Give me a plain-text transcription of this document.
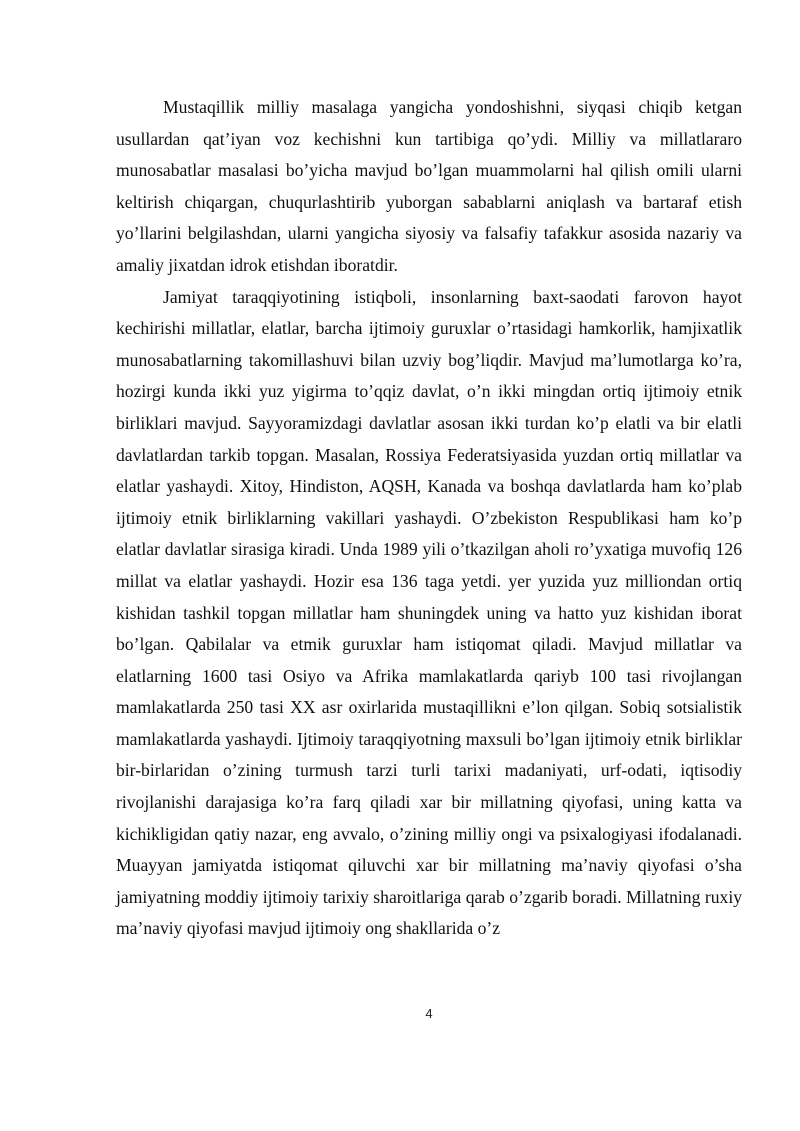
Mustaqillik milliy masalaga yangicha yondoshishni, siyqasi chiqib ketgan usullardan qat’iyan voz kechishni kun tartibiga qo’ydi. Milliy va millatlararo munosabatlar masalasi bo’yicha mavjud bo’lgan muammolarni hal qilish omili ularni keltirish chiqargan, chuqurlashtirib yuborgan sabablarni aniqlash va bartaraf etish yo’llarini belgilashdan, ularni yangicha siyosiy va falsafiy tafakkur asosida nazariy va amaliy jixatdan idrok etishdan iboratdir.

Jamiyat taraqqiyotining istiqboli, insonlarning baxt-saodati farovon hayot kechirishi millatlar, elatlar, barcha ijtimoiy guruxlar o’rtasidagi hamkorlik, hamjixatlik munosabatlarning takomillashuvi bilan uzviy bog’liqdir. Mavjud ma’lumotlarga ko’ra, hozirgi kunda ikki yuz yigirma to’qqiz davlat, o’n ikki mingdan ortiq ijtimoiy etnik birliklari mavjud. Sayyoramizdagi davlatlar asosan ikki turdan ko’p elatli va bir elatli davlatlardan tarkib topgan. Masalan, Rossiya Federatsiyasida yuzdan ortiq millatlar va elatlar yashaydi. Xitoy, Hindiston, AQSH, Kanada va boshqa davlatlarda ham ko’plab ijtimoiy etnik birliklarning vakillari yashaydi. O’zbekiston Respublikasi ham ko’p elatlar davlatlar sirasiga kiradi. Unda 1989 yili o’tkazilgan aholi ro’yxatiga muvofiq 126 millat va elatlar yashaydi. Hozir esa 136 taga yetdi. yer yuzida yuz milliondan ortiq kishidan tashkil topgan millatlar ham shuningdek uning va hatto yuz kishidan iborat bo’lgan. Qabilalar va etmik guruxlar ham istiqomat qiladi. Mavjud millatlar va elatlarning 1600 tasi Osiyo va Afrika mamlakatlarda qariyb 100 tasi rivojlangan mamlakatlarda 250 tasi XX asr oxirlarida mustaqillikni e’lon qilgan. Sobiq sotsialistik mamlakatlarda yashaydi. Ijtimoiy taraqqiyotning maxsuli bo’lgan ijtimoiy etnik birliklar bir-birlaridan o’zining turmush tarzi turli tarixi madaniyati, urf-odati, iqtisodiy rivojlanishi darajasiga ko’ra farq qiladi xar bir millatning qiyofasi, uning katta va kichikligidan qatiy nazar, eng avvalo, o’zining milliy ongi va psixalogiyasi ifodalanadi. Muayyan jamiyatda istiqomat qiluvchi xar bir millatning ma’naviy qiyofasi o’sha jamiyatning moddiy ijtimoiy tarixiy sharoitlariga qarab o’zgarib boradi. Millatning ruxiy ma’naviy qiyofasi mavjud ijtimoiy ong shakllarida o’z

4
